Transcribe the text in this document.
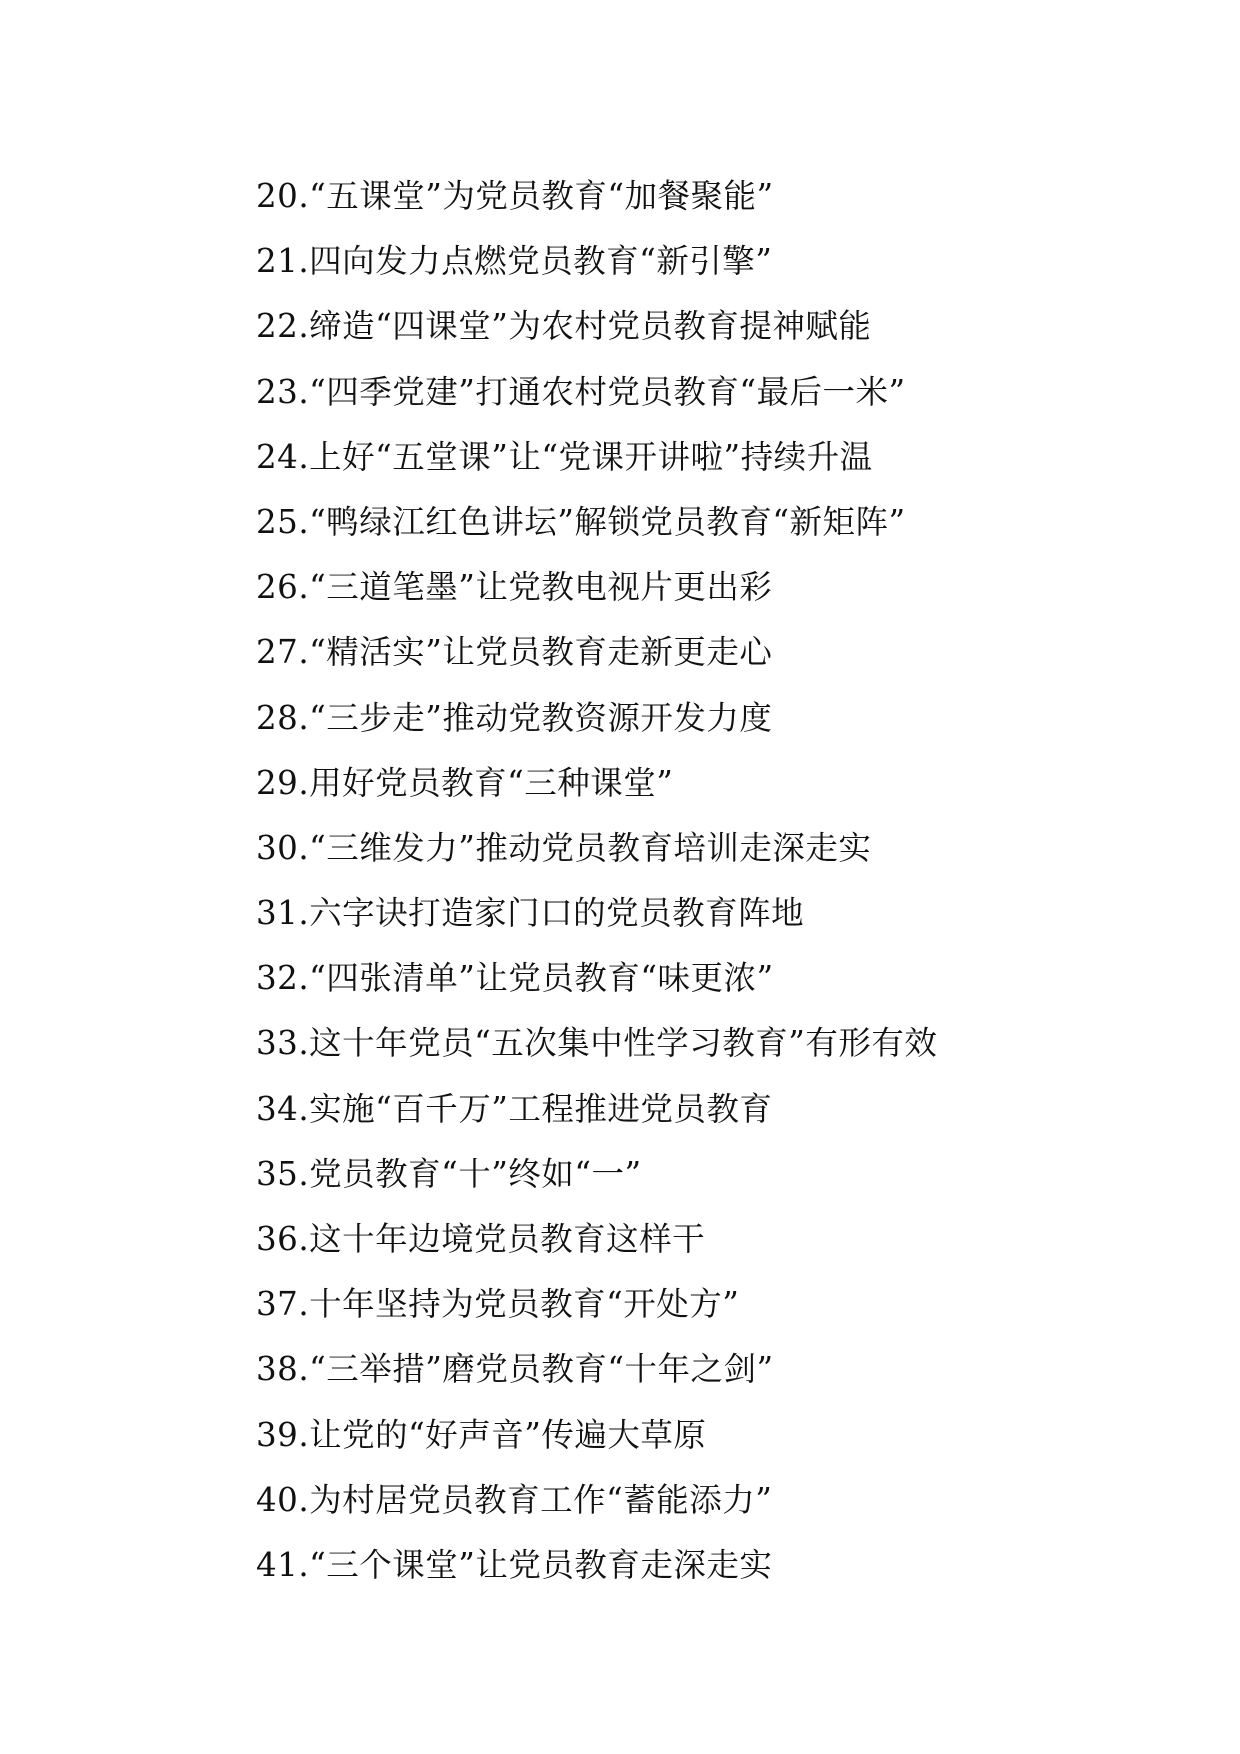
20.“五课堂”为党员教育“加餐聚能”
21.四向发力点燃党员教育“新引擎”
22.缔造“四课堂”为农村党员教育提神赋能
23.“四季党建”打通农村党员教育“最后一米”
24.上好“五堂课”让“党课开讲啦”持续升温
25.“鸭绿江红色讲坛”解锁党员教育“新矩阵”
26.“三道笔墨”让党教电视片更出彩
27.“精活实”让党员教育走新更走心
28.“三步走”推动党教资源开发力度
29.用好党员教育“三种课堂”
30.“三维发力”推动党员教育培训走深走实
31.六字诀打造家门口的党员教育阵地
32.“四张清单”让党员教育“味更浓”
33.这十年党员“五次集中性学习教育”有形有效
34.实施“百千万”工程推进党员教育
35.党员教育“十”终如“一”
36.这十年边境党员教育这样干
37.十年坚持为党员教育“开处方”
38.“三举措”磨党员教育“十年之剑”
39.让党的“好声音”传遍大草原
40.为村居党员教育工作“蓄能添力”
41.“三个课堂”让党员教育走深走实
